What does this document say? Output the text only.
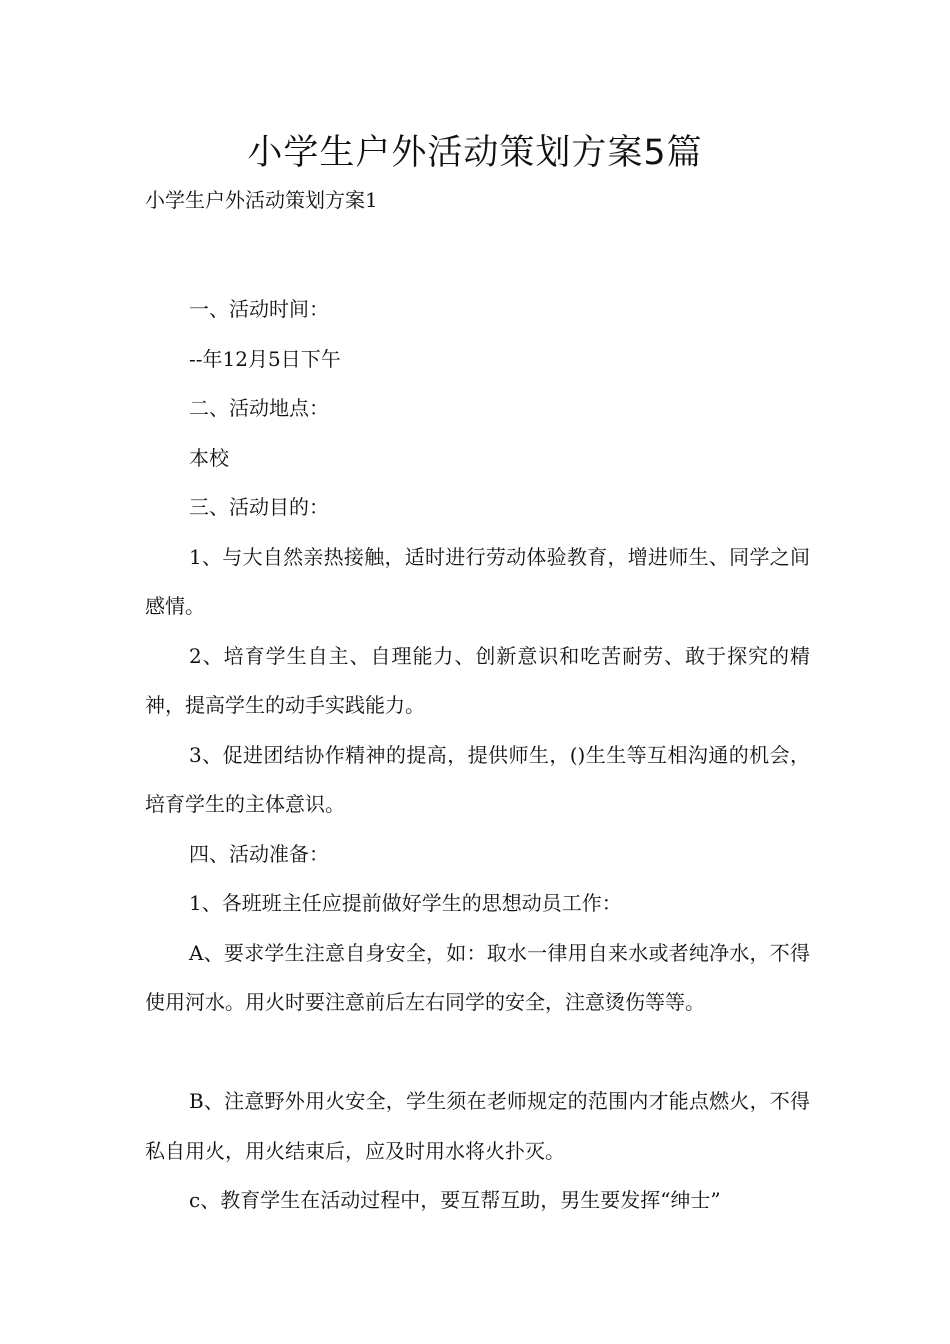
小学生户外活动策划方案5篇

小学生户外活动策划方案1

一、活动时间：

--年12月5日下午

二、活动地点：

本校

三、活动目的：

1、与大自然亲热接触，适时进行劳动体验教育，增进师生、同学之间感情。

2、培育学生自主、自理能力、创新意识和吃苦耐劳、敢于探究的精神，提高学生的动手实践能力。

3、促进团结协作精神的提高，提供师生，()生生等互相沟通的机会，培育学生的主体意识。

四、活动准备：

1、各班班主任应提前做好学生的思想动员工作：

A、要求学生注意自身安全，如：取水一律用自来水或者纯净水，不得使用河水。用火时要注意前后左右同学的安全，注意烫伤等等。

B、注意野外用火安全，学生须在老师规定的范围内才能点燃火，不得私自用火，用火结束后，应及时用水将火扑灭。

c、教育学生在活动过程中，要互帮互助，男生要发挥“绅士”
